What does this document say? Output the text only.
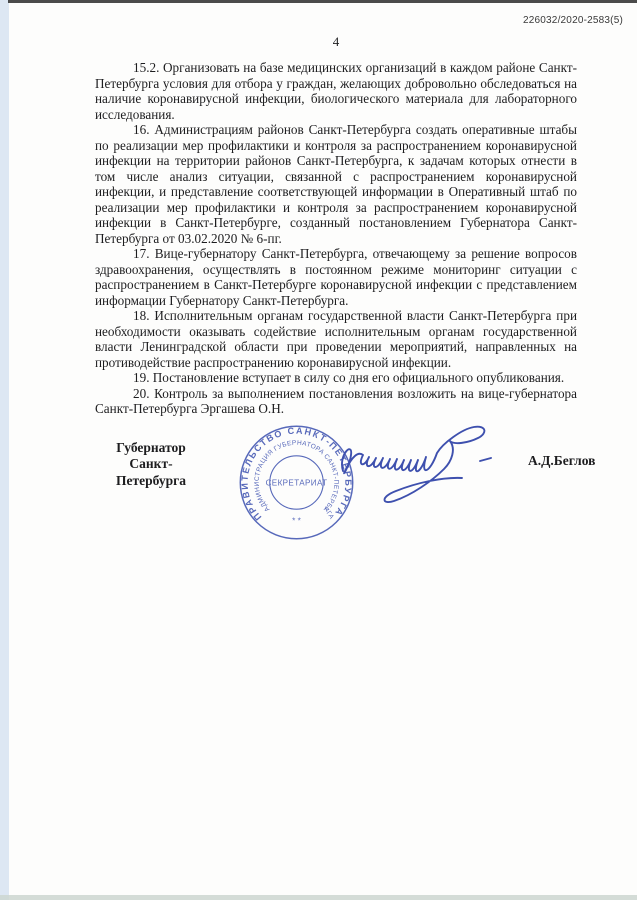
226032/2020-2583(5)
4

15.2. Организовать на базе медицинских организаций в каждом районе Санкт-Петербурга условия для отбора у граждан, желающих добровольно обследоваться на наличие коронавирусной инфекции, биологического материала для лабораторного исследования.

16. Администрациям районов Санкт-Петербурга создать оперативные штабы по реализации мер профилактики и контроля за распространением коронавирусной инфекции на территории районов Санкт-Петербурга, к задачам которых отнести в том числе анализ ситуации, связанной с распространением коронавирусной инфекции, и представление соответствующей информации в Оперативный штаб по реализации мер профилактики и контроля за распространением коронавирусной инфекции в Санкт-Петербурге, созданный постановлением Губернатора Санкт-Петербурга от 03.02.2020 № 6-пг.

17. Вице-губернатору Санкт-Петербурга, отвечающему за решение вопросов здравоохранения, осуществлять в постоянном режиме мониторинг ситуации с распространением в Санкт-Петербурге коронавирусной инфекции с представлением информации Губернатору Санкт-Петербурга.

18. Исполнительным органам государственной власти Санкт-Петербурга при необходимости оказывать содействие исполнительным органам государственной власти Ленинградской области при проведении мероприятий, направленных на противодействие распространению коронавирусной инфекции.

19. Постановление вступает в силу со дня его официального опубликования.

20. Контроль за выполнением постановления возложить на вице-губернатора Санкт-Петербурга Эргашева О.Н.

Губернатор
Санкт-Петербурга
ПРАВИТЕЛЬСТВО САНКТ-ПЕТЕРБУРГА
АДМИНИСТРАЦИЯ ГУБЕРНАТОРА САНКТ-ПЕТЕРБУРГА
СЕКРЕТАРИАТ
* *
А.Д.Беглов
